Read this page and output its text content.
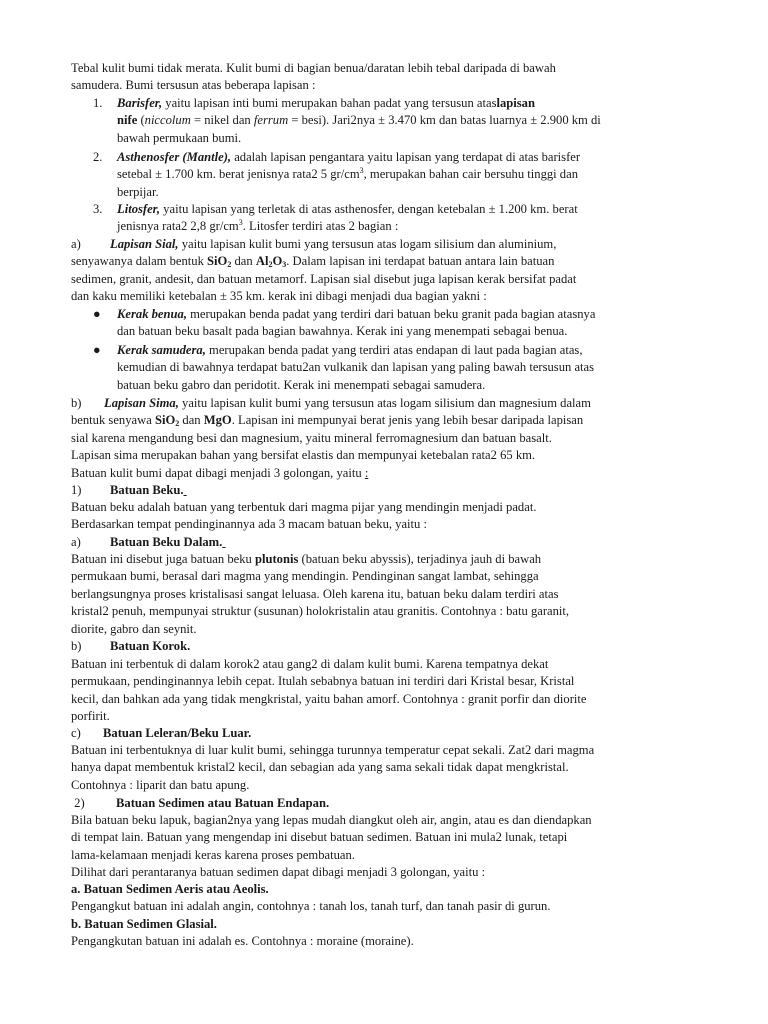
Tebal kulit bumi tidak merata. Kulit bumi di bagian benua/daratan lebih tebal daripada di bawah
samudera. Bumi tersusun atas beberapa lapisan :
1. Barisfer, yaitu lapisan inti bumi merupakan bahan padat yang tersusun ataslapisan
nife (niccolum = nikel dan ferrum = besi). Jari2nya ± 3.470 km dan batas luarnya ± 2.900 km di
bawah permukaan bumi.
2. Asthenosfer (Mantle), adalah lapisan pengantara yaitu lapisan yang terdapat di atas barisfer
setebal ± 1.700 km. berat jenisnya rata2 5 $gr/cm^3$, merupakan bahan cair bersuhu tinggi dan
berpijar.
3. Litosfer, yaitu lapisan yang terletak di atas asthenosfer, dengan ketebalan ± 1.200 km. berat
jenisnya rata2 2,8 $gr/cm^3$. Litosfer terdiri atas 2 bagian :
a)	Lapisan Sial, yaitu lapisan kulit bumi yang tersusun atas logam silisium dan aluminium,
senyawanya dalam bentuk SiO$_2$ dan $Al_2O_3$. Dalam lapisan ini terdapat batuan antara lain batuan
sedimen, granit, andesit, dan batuan metamorf. Lapisan sial disebut juga lapisan kerak bersifat padat
dan kaku memiliki ketebalan ± 35 km. kerak ini dibagi menjadi dua bagian yakni :
● Kerak benua, merupakan benda padat yang terdiri dari batuan beku granit pada bagian atasnya
dan batuan beku basalt pada bagian bawahnya. Kerak ini yang menempati sebagai benua.
● Kerak samudera, merupakan benda padat yang terdiri atas endapan di laut pada bagian atas,
kemudian di bawahnya terdapat batu2an vulkanik dan lapisan yang paling bawah tersusun atas
batuan beku gabro dan peridotit. Kerak ini menempati sebagai samudera.
b)	Lapisan Sima, yaitu lapisan kulit bumi yang tersusun atas logam silisium dan magnesium dalam
bentuk senyawa SiO$_2$ dan MgO. Lapisan ini mempunyai berat jenis yang lebih besar daripada lapisan
sial karena mengandung besi dan magnesium, yaitu mineral ferromagnesium dan batuan basalt.
Lapisan sima merupakan bahan yang bersifat elastis dan mempunyai ketebalan rata2 65 km.
Batuan kulit bumi dapat dibagi menjadi 3 golongan, yaitu :
1) Batuan Beku.
Batuan beku adalah batuan yang terbentuk dari magma pijar yang mendingin menjadi padat.
Berdasarkan tempat pendinginannya ada 3 macam batuan beku, yaitu :
a) Batuan Beku Dalam.
Batuan ini disebut juga batuan beku plutonis (batuan beku abyssis), terjadinya jauh di bawah
permukaan bumi, berasal dari magma yang mendingin. Pendinginan sangat lambat, sehingga
berlangsungnya proses kristalisasi sangat leluasa. Oleh karena itu, batuan beku dalam terdiri atas
kristal2 penuh, mempunyai struktur (susunan) holokristalin atau granitis. Contohnya : batu garanit,
diorite, gabro dan seynit.
b) Batuan Korok.
Batuan ini terbentuk di dalam korok2 atau gang2 di dalam kulit bumi. Karena tempatnya dekat
permukaan, pendinginannya lebih cepat. Itulah sebabnya batuan ini terdiri dari Kristal besar, Kristal
kecil, dan bahkan ada yang tidak mengkristal, yaitu bahan amorf. Contohnya : granit porfir dan diorite
porfirit.
c) Batuan Leleran/Beku Luar.
Batuan ini terbentuknya di luar kulit bumi, sehingga turunnya temperatur cepat sekali. Zat2 dari magma
hanya dapat membentuk kristal2 kecil, dan sebagian ada yang sama sekali tidak dapat mengkristal.
Contohnya : liparit dan batu apung.
2) Batuan Sedimen atau Batuan Endapan.
Bila batuan beku lapuk, bagian2nya yang lepas mudah diangkut oleh air, angin, atau es dan diendapkan
di tempat lain. Batuan yang mengendap ini disebut batuan sedimen. Batuan ini mula2 lunak, tetapi
lama-kelamaan menjadi keras karena proses pembatuan.
Dilihat dari perantaranya batuan sedimen dapat dibagi menjadi 3 golongan, yaitu :
a. Batuan Sedimen Aeris atau Aeolis.
Pengangkut batuan ini adalah angin, contohnya : tanah los, tanah turf, dan tanah pasir di gurun.
b. Batuan Sedimen Glasial.
Pengangkutan batuan ini adalah es. Contohnya : moraine (moraine).
